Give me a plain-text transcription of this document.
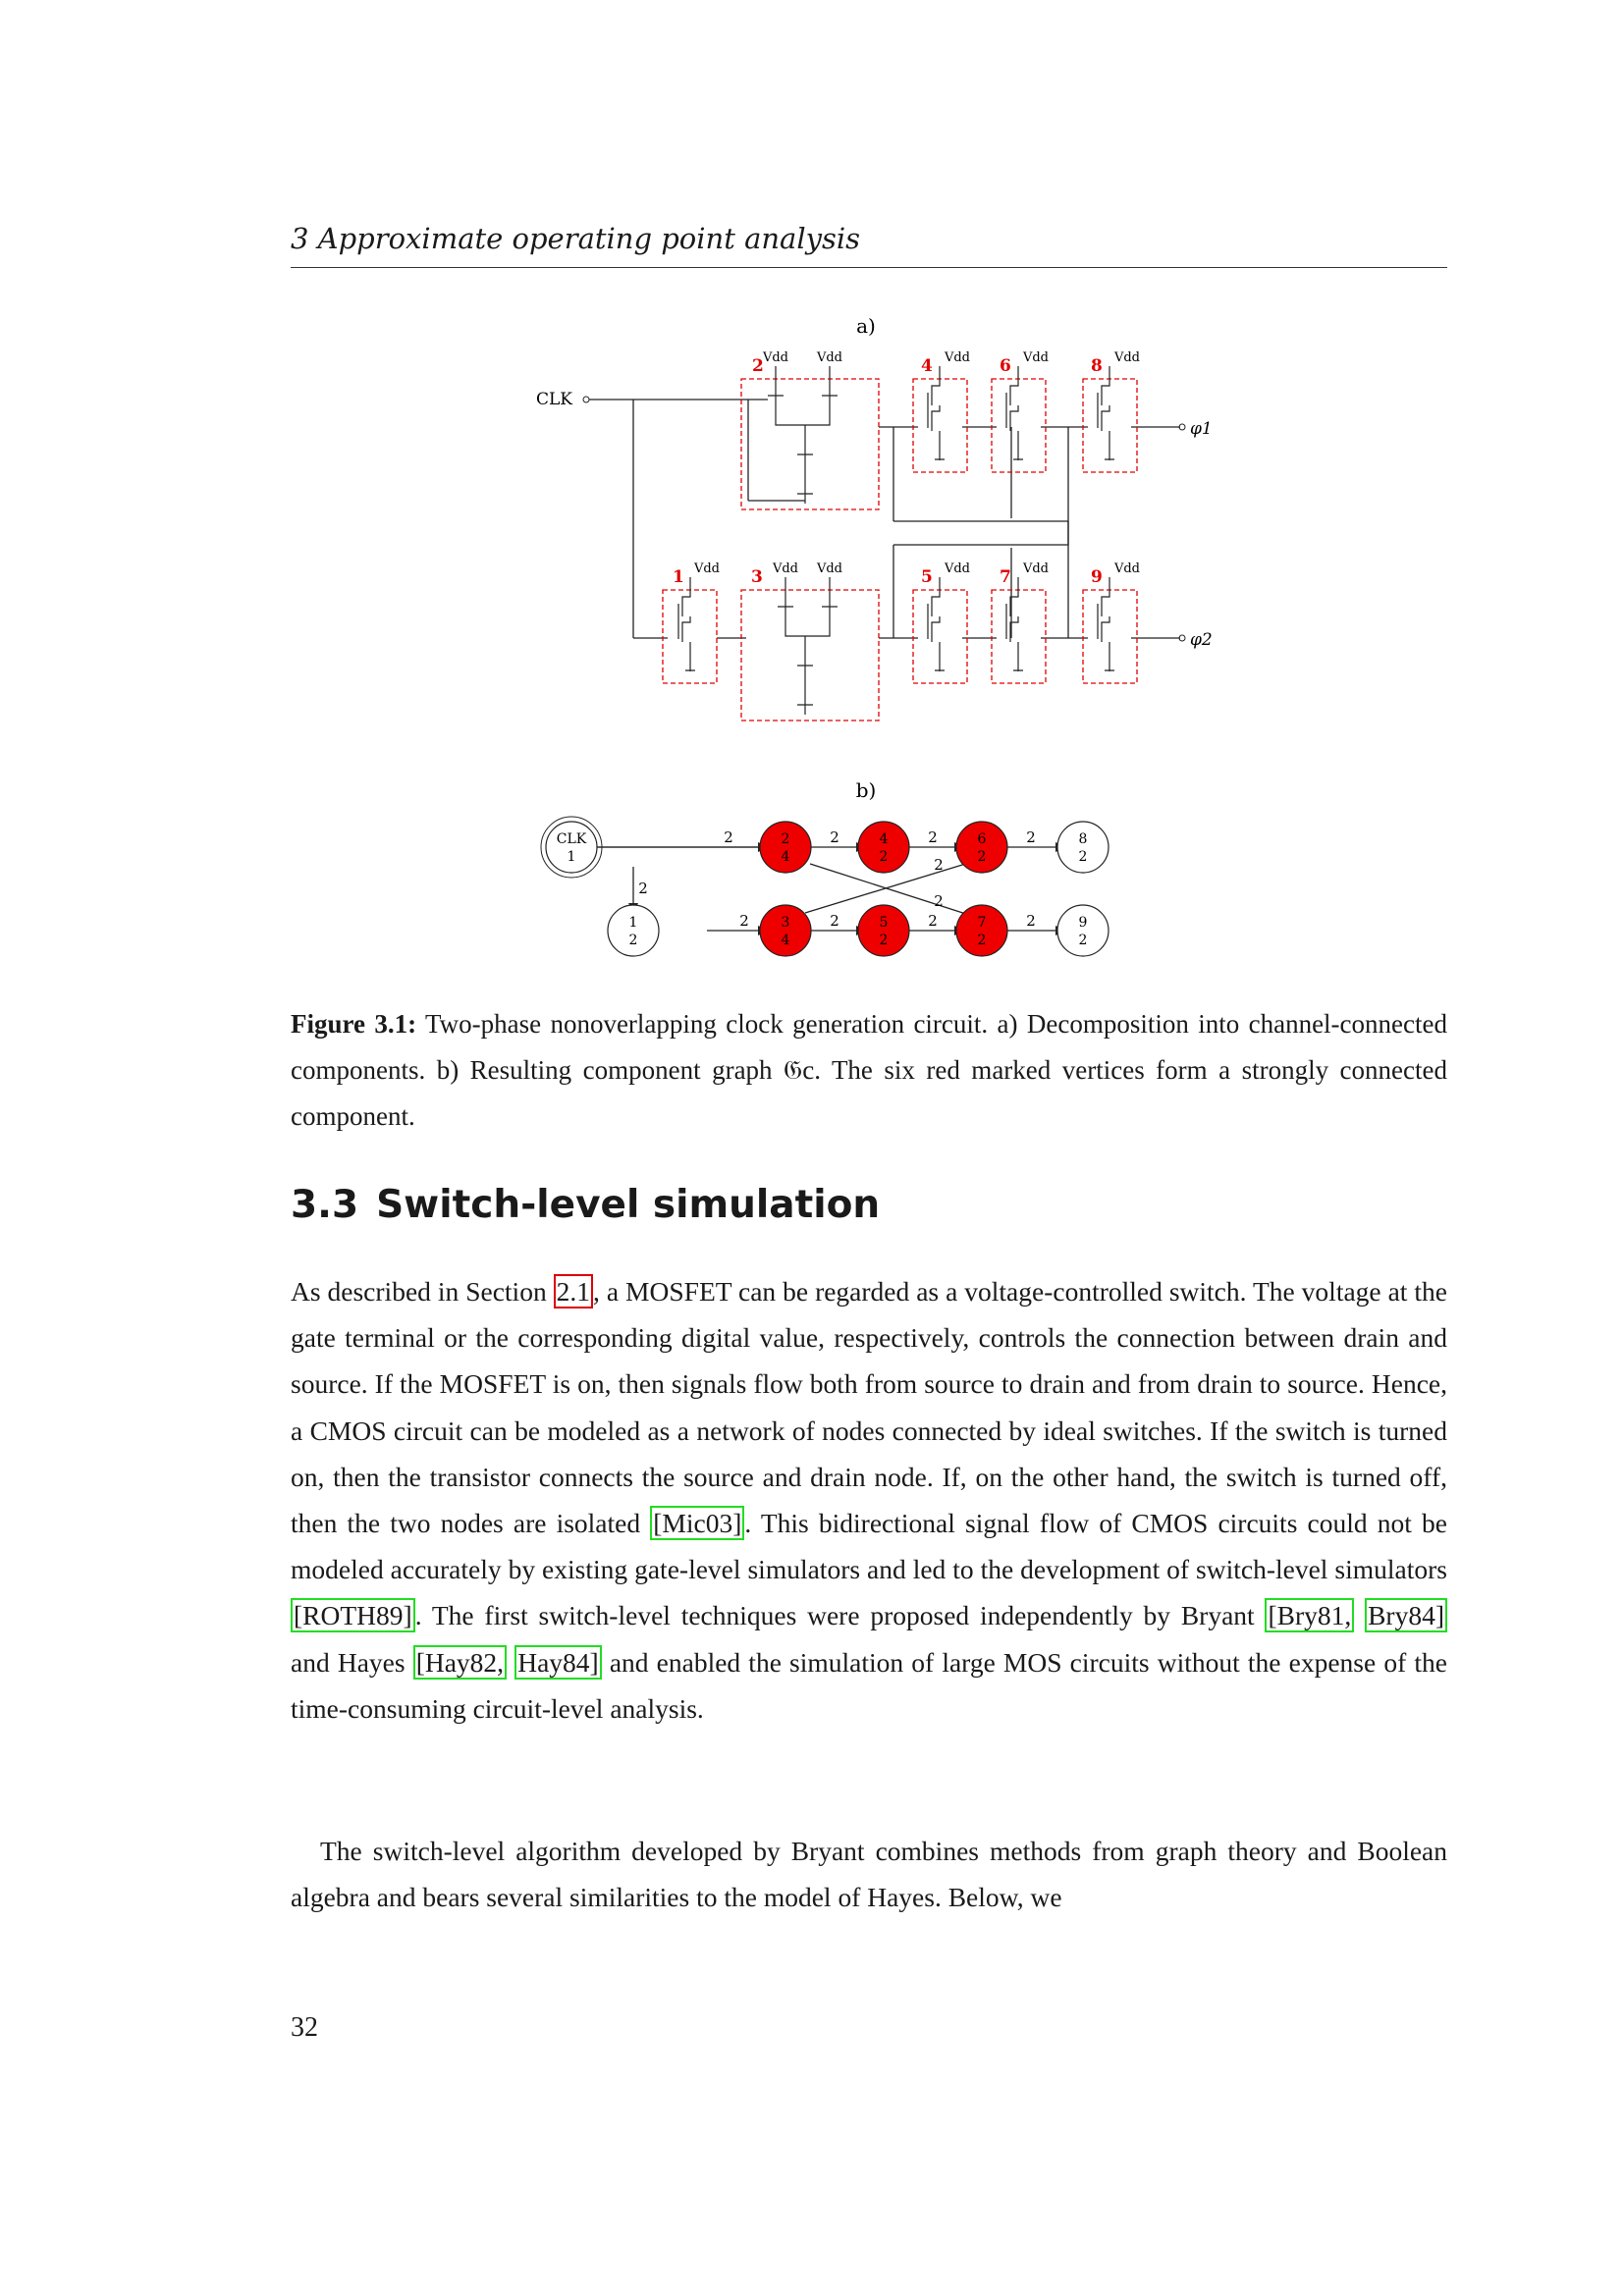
3 Approximate operating point analysis
a)
b)
CLK
φ1
φ2
2	4	6	8
1	3	5	7	9
Vdd Vdd	Vdd	Vdd	Vdd
Vdd	Vdd Vdd	Vdd	Vdd	Vdd
2	2	2	2
2
2
2
2	2	2	2
CLK
1
2
4
4
2
6
2
8
2
1
2
3
4
5
2
7
2
9
2
Figure 3.1: Two-phase nonoverlapping clock generation circuit. a) Decomposition into channel-connected components. b) Resulting component graph 𝔊c. The six red marked vertices form a strongly connected component.
3.3 Switch-level simulation
As described in Section 2.1 , a MOSFET can be regarded as a voltage-controlled switch. The voltage at the gate terminal or the corresponding digital value, respectively, controls the connection between drain and source. If the MOSFET is on, then signals flow both from source to drain and from drain to source. Hence, a CMOS circuit can be modeled as a network of nodes connected by ideal switches. If the switch is turned on, then the transistor connects the source and drain node. If, on the other hand, the switch is turned off, then the two nodes are isolated [Mic03] . This bidirectional signal flow of CMOS circuits could not be modeled accurately by existing gate-level simulators and led to the development of switch-level simulators [ROTH89] . The first switch-level techniques were proposed independently by Bryant [Bry81, Bry84] and Hayes [Hay82, Hay84] and enabled the simulation of large MOS circuits without the expense of the time-consuming circuit-level analysis.
The switch-level algorithm developed by Bryant combines methods from graph theory and Boolean algebra and bears several similarities to the model of Hayes. Below, we
32
